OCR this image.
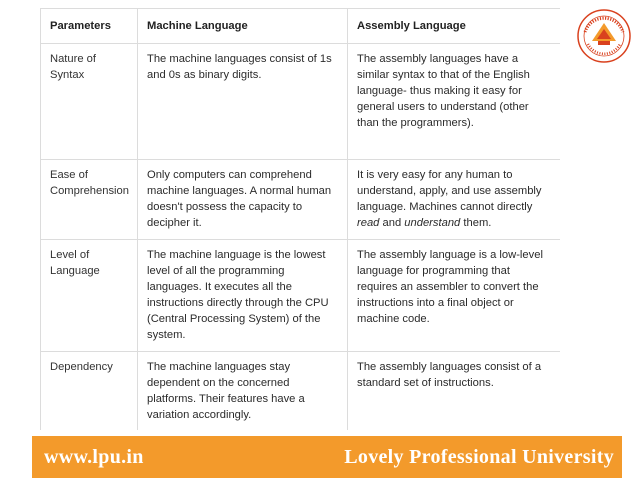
Parameters	Machine Language	Assembly Language
Nature of Syntax	The machine languages consist of 1s and 0s as binary digits.	The assembly languages have a similar syntax to that of the English language- thus making it easy for general users to understand (other than the programmers).
Ease of Comprehension	Only computers can comprehend machine languages. A normal human doesn't possess the capacity to decipher it.	It is very easy for any human to understand, apply, and use assembly language. Machines cannot directly read and understand them.
Level of Language	The machine language is the lowest level of all the programming languages. It executes all the instructions directly through the CPU (Central Processing System) of the system.	The assembly language is a low-level language for programming that requires an assembler to convert the instructions into a final object or machine code.
Dependency	The machine languages stay dependent on the concerned platforms. Their features have a variation accordingly.	The assembly languages consist of a standard set of instructions.

www.lpu.in	Lovely Professional University
